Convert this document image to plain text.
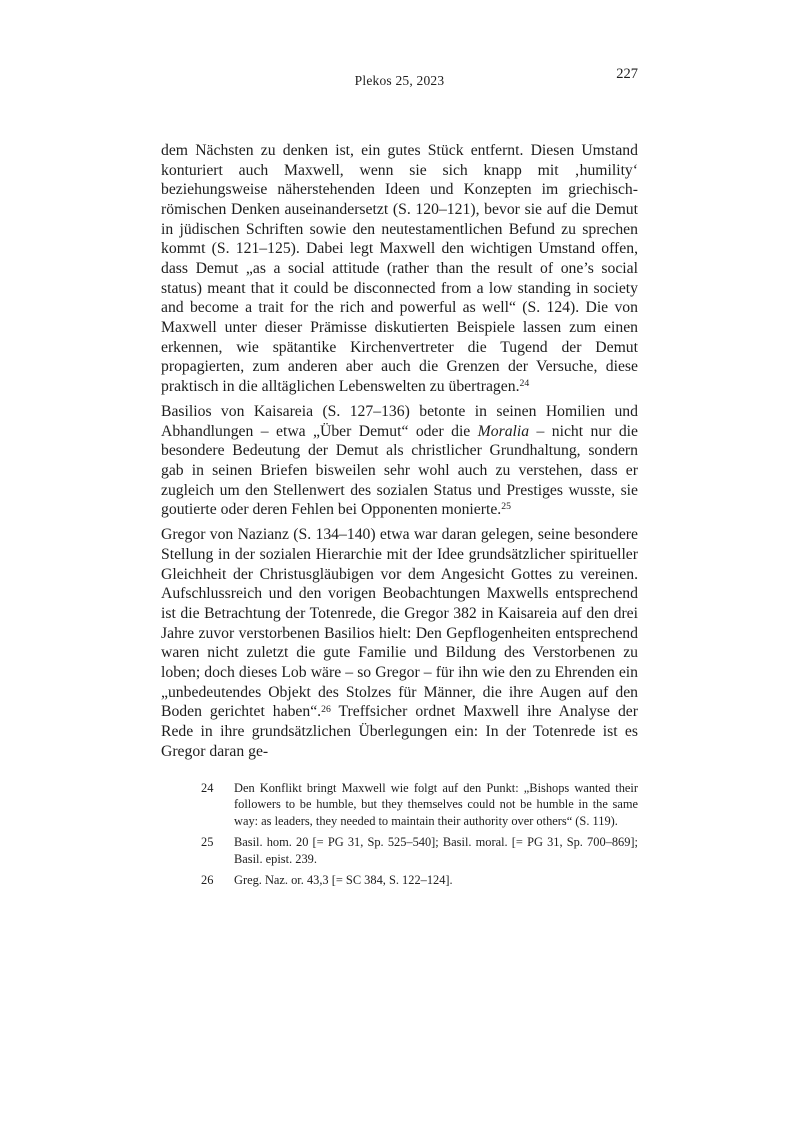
Plekos 25, 2023	227

dem Nächsten zu denken ist, ein gutes Stück entfernt. Diesen Umstand konturiert auch Maxwell, wenn sie sich knapp mit ‚humility‘ beziehungsweise näherstehenden Ideen und Konzepten im griechisch-römischen Denken auseinandersetzt (S. 120–121), bevor sie auf die Demut in jüdischen Schriften sowie den neutestamentlichen Befund zu sprechen kommt (S. 121–125). Dabei legt Maxwell den wichtigen Umstand offen, dass Demut „as a social attitude (rather than the result of one’s social status) meant that it could be disconnected from a low standing in society and become a trait for the rich and powerful as well“ (S. 124). Die von Maxwell unter dieser Prämisse diskutierten Beispiele lassen zum einen erkennen, wie spätantike Kirchenvertreter die Tugend der Demut propagierten, zum anderen aber auch die Grenzen der Versuche, diese praktisch in die alltäglichen Lebenswelten zu übertragen.$^{24}$

Basilios von Kaisareia (S. 127–136) betonte in seinen Homilien und Abhandlungen – etwa „Über Demut“ oder die Moralia – nicht nur die besondere Bedeutung der Demut als christlicher Grundhaltung, sondern gab in seinen Briefen bisweilen sehr wohl auch zu verstehen, dass er zugleich um den Stellenwert des sozialen Status und Prestiges wusste, sie goutierte oder deren Fehlen bei Opponenten monierte.$^{25}$

Gregor von Nazianz (S. 134–140) etwa war daran gelegen, seine besondere Stellung in der sozialen Hierarchie mit der Idee grundsätzlicher spiritueller Gleichheit der Christusgläubigen vor dem Angesicht Gottes zu vereinen. Aufschlussreich und den vorigen Beobachtungen Maxwells entsprechend ist die Betrachtung der Totenrede, die Gregor 382 in Kaisareia auf den drei Jahre zuvor verstorbenen Basilios hielt: Den Gepflogenheiten entsprechend waren nicht zuletzt die gute Familie und Bildung des Verstorbenen zu loben; doch dieses Lob wäre – so Gregor – für ihn wie den zu Ehrenden ein „unbedeutendes Objekt des Stolzes für Männer, die ihre Augen auf den Boden gerichtet haben“.$^{26}$ Treffsicher ordnet Maxwell ihre Analyse der Rede in ihre grundsätzlichen Überlegungen ein: In der Totenrede ist es Gregor daran ge-

24	Den Konflikt bringt Maxwell wie folgt auf den Punkt: „Bishops wanted their followers to be humble, but they themselves could not be humble in the same way: as leaders, they needed to maintain their authority over others“ (S. 119).
25	Basil. hom. 20 [= PG 31, Sp. 525–540]; Basil. moral. [= PG 31, Sp. 700–869]; Basil. epist. 239.
26	Greg. Naz. or. 43,3 [= SC 384, S. 122–124].
